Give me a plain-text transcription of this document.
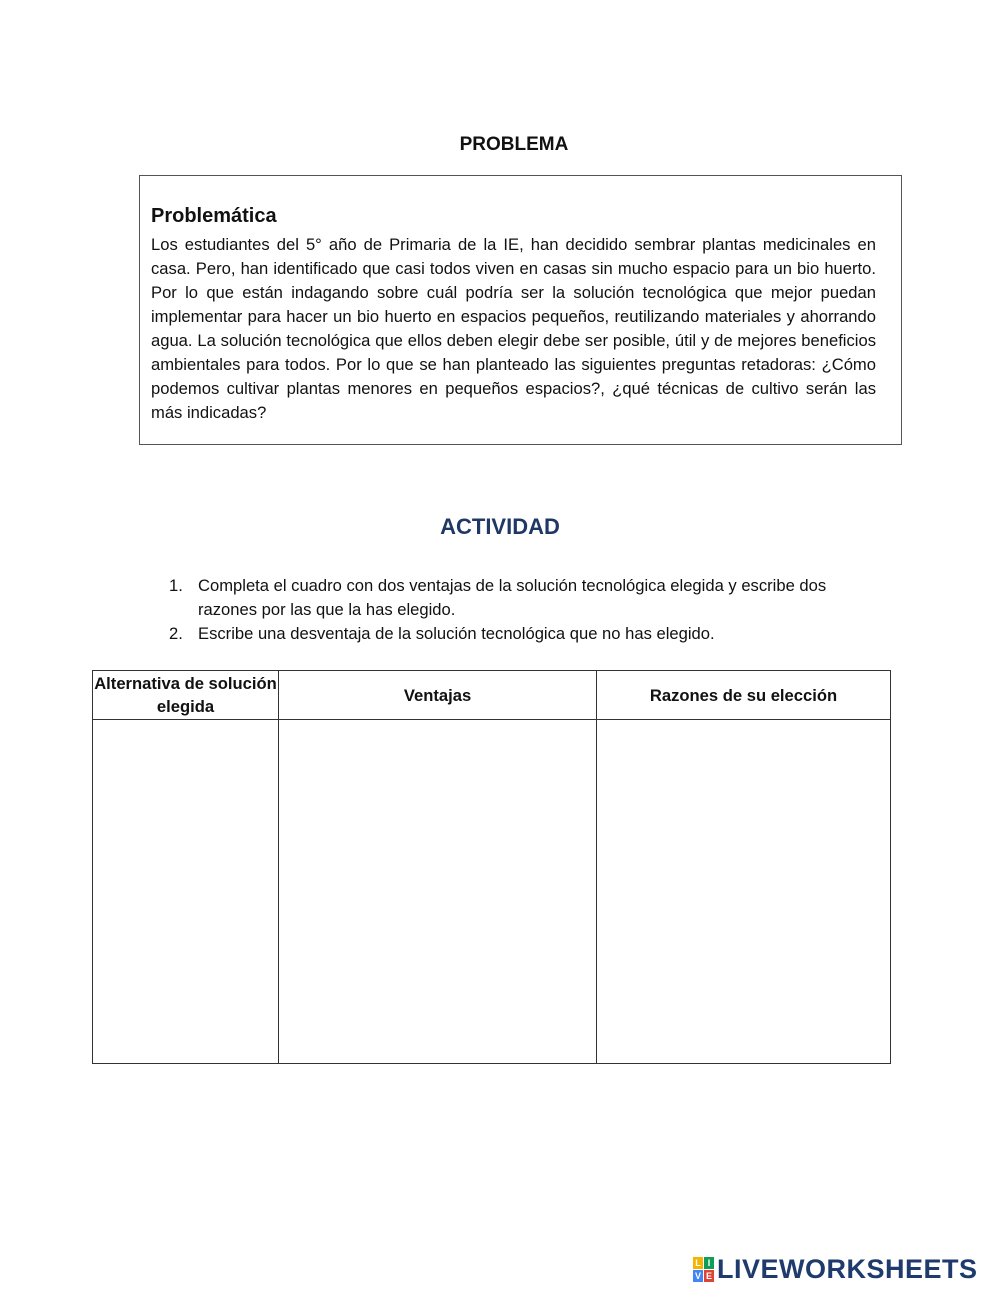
PROBLEMA
Problemática
Los estudiantes del 5° año de Primaria de la IE, han decidido sembrar plantas medicinales en casa. Pero, han identificado que casi todos viven en casas sin mucho espacio para un bio huerto. Por lo que están indagando sobre cuál podría ser la solución tecnológica que mejor puedan implementar para hacer un bio huerto en espacios pequeños, reutilizando materiales y ahorrando agua. La solución tecnológica que ellos deben elegir debe ser posible, útil y de mejores beneficios ambientales para todos. Por lo que se han planteado las siguientes preguntas retadoras: ¿Cómo podemos cultivar plantas menores en pequeños espacios?, ¿qué técnicas de cultivo serán las más indicadas?
ACTIVIDAD
1. Completa el cuadro con dos ventajas de la solución tecnológica elegida y escribe dos razones por las que la has elegido.
2. Escribe una desventaja de la solución tecnológica que no has elegido.
Alternativa de solución elegida	Ventajas	Razones de su elección

L I
V E LIVEWORKSHEETS
